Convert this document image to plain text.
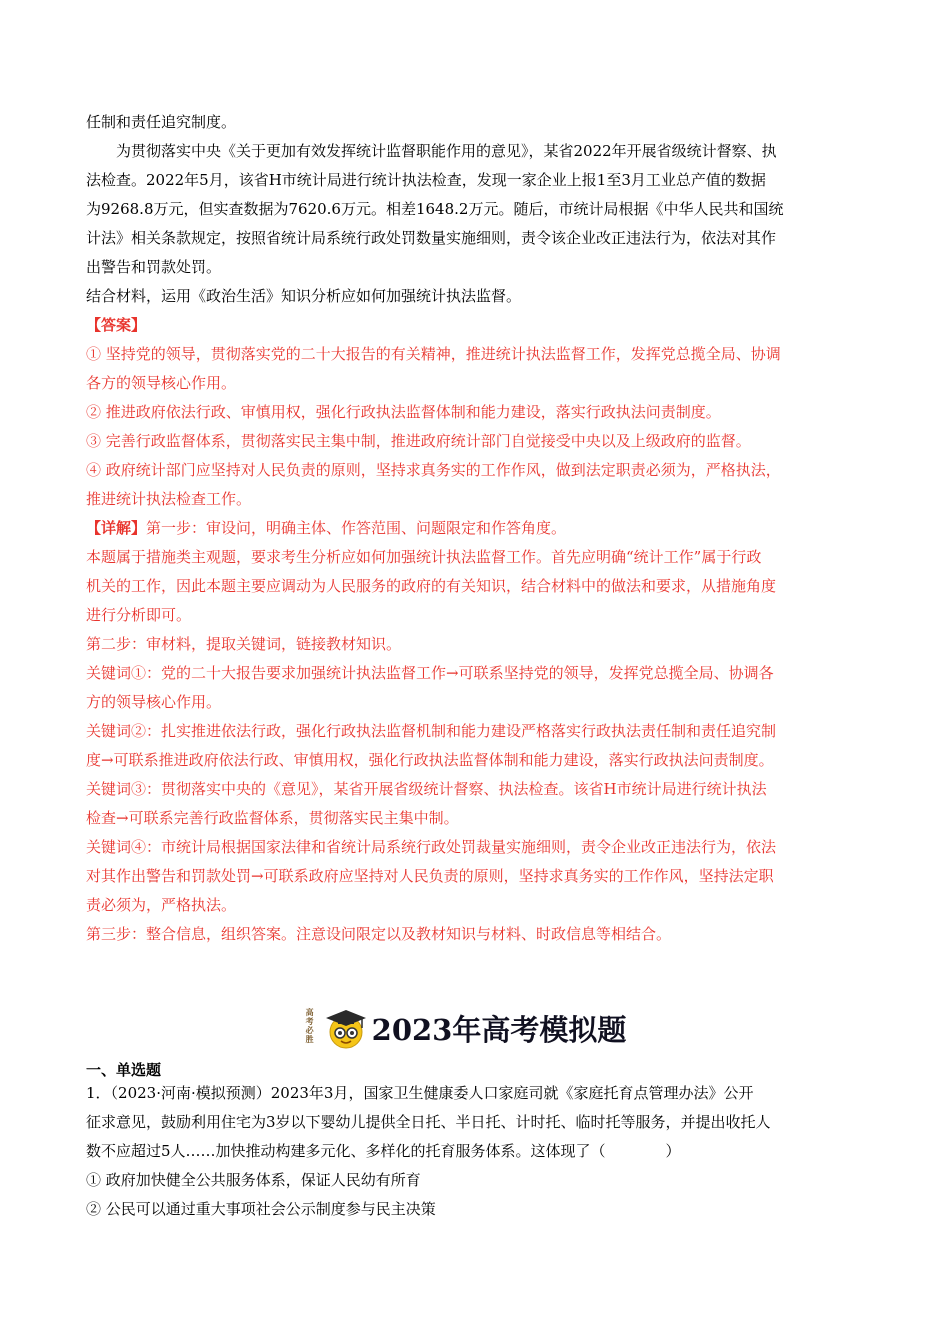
任制和责任追究制度。
为贯彻落实中央《关于更加有效发挥统计监督职能作用的意见》，某省2022年开展省级统计督察、执
法检查。2022年5月，该省H市统计局进行统计执法检查，发现一家企业上报1至3月工业总产值的数据
为9268.8万元，但实查数据为7620.6万元。相差1648.2万元。随后，市统计局根据《中华人民共和国统
计法》相关条款规定，按照省统计局系统行政处罚数量实施细则，责令该企业改正违法行为，依法对其作
出警告和罚款处罚。
结合材料，运用《政治生活》知识分析应如何加强统计执法监督。
【答案】
① 坚持党的领导，贯彻落实党的二十大报告的有关精神，推进统计执法监督工作，发挥党总揽全局、协调
各方的领导核心作用。
② 推进政府依法行政、审慎用权，强化行政执法监督体制和能力建设，落实行政执法问责制度。
③ 完善行政监督体系，贯彻落实民主集中制，推进政府统计部门自觉接受中央以及上级政府的监督。
④ 政府统计部门应坚持对人民负责的原则，坚持求真务实的工作作风，做到法定职责必须为，严格执法，
推进统计执法检查工作。
【详解】第一步：审设问，明确主体、作答范围、问题限定和作答角度。
本题属于措施类主观题，要求考生分析应如何加强统计执法监督工作。首先应明确“统计工作”属于行政
机关的工作，因此本题主要应调动为人民服务的政府的有关知识，结合材料中的做法和要求，从措施角度
进行分析即可。
第二步：审材料，提取关键词，链接教材知识。
关键词①：党的二十大报告要求加强统计执法监督工作→可联系坚持党的领导，发挥党总揽全局、协调各
方的领导核心作用。
关键词②：扎实推进依法行政，强化行政执法监督机制和能力建设严格落实行政执法责任制和责任追究制
度→可联系推进政府依法行政、审慎用权，强化行政执法监督体制和能力建设，落实行政执法问责制度。
关键词③：贯彻落实中央的《意见》，某省开展省级统计督察、执法检查。该省H市统计局进行统计执法
检查→可联系完善行政监督体系，贯彻落实民主集中制。
关键词④：市统计局根据国家法律和省统计局系统行政处罚裁量实施细则，责令企业改正违法行为，依法
对其作出警告和罚款处罚→可联系政府应坚持对人民负责的原则，坚持求真务实的工作作风，坚持法定职
责必须为，严格执法。
第三步：整合信息，组织答案。注意设问限定以及教材知识与材料、时政信息等相结合。
高考必胜 2023年高考模拟题
一、单选题
1．（2023·河南·模拟预测）2023年3月，国家卫生健康委人口家庭司就《家庭托育点管理办法》公开
征求意见，鼓励利用住宅为3岁以下婴幼儿提供全日托、半日托、计时托、临时托等服务，并提出收托人
数不应超过5人……加快推动构建多元化、多样化的托育服务体系。这体现了（　　　　）
① 政府加快健全公共服务体系，保证人民幼有所育
② 公民可以通过重大事项社会公示制度参与民主决策
